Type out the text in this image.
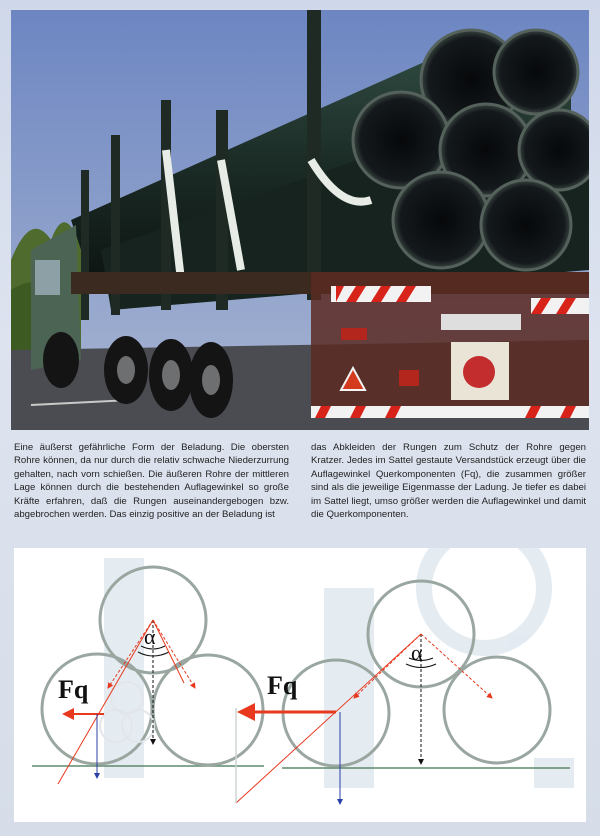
Eine äußerst gefährliche Form der Beladung. Die obersten Rohre können, da nur durch die relativ schwache Niederzurrung gehalten, nach vorn schießen. Die äußeren Rohre der mittleren Lage können durch die bestehenden Auflagewinkel so große Kräfte erfahren, daß die Rungen auseinandergebogen bzw. abgebrochen werden. Das einzig positive an der Beladung ist
das Abkleiden der Rungen zum Schutz der Rohre gegen Kratzer. Jedes im Sattel gestaute Versandstück erzeugt über die Auflagewinkel Querkomponenten (Fq), die zusammen größer sind als die jeweilige Eigenmasse der Ladung. Je tiefer es dabei im Sattel liegt, umso größer werden die Auflagewinkel und damit die Querkomponenten.
Fq
α
Fq
α
